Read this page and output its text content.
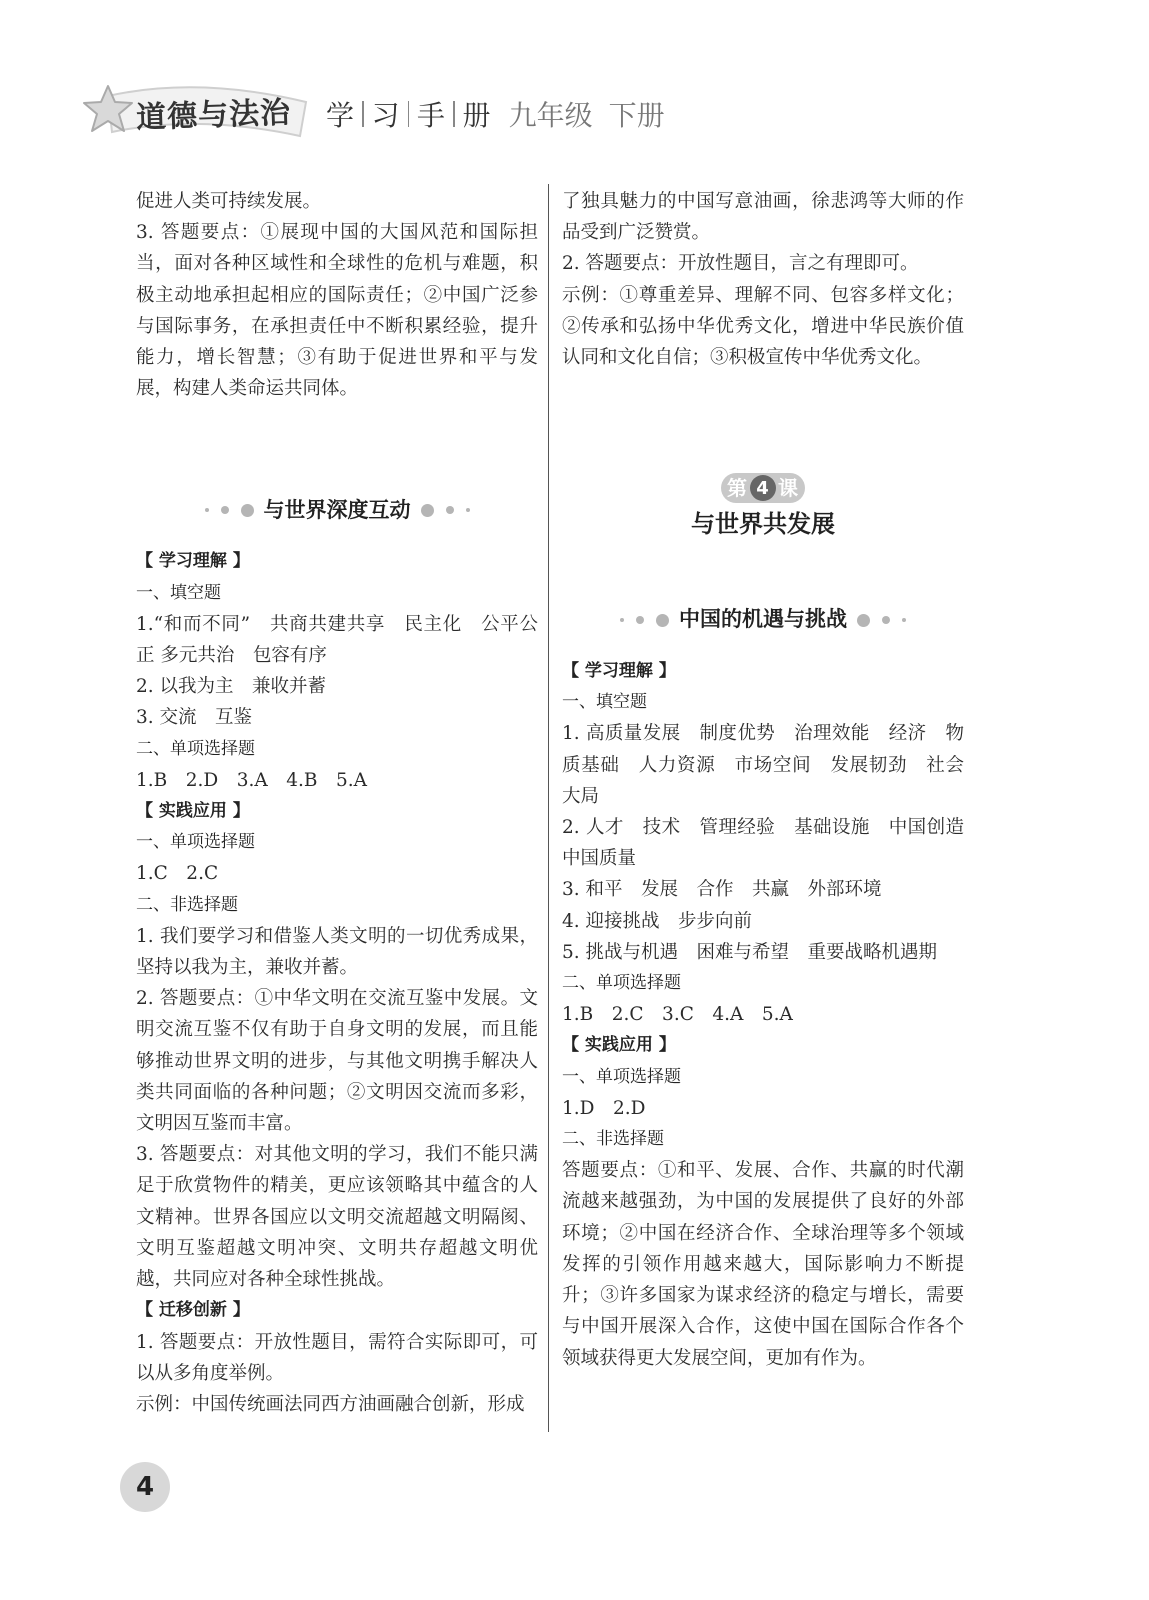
道德与法治 学 习 手 册 九年级 下册

促进人类可持续发展。

3. 答题要点：①展现中国的大国风范和国际担当，面对各种区域性和全球性的危机与难题，积极主动地承担起相应的国际责任；②中国广泛参与国际事务，在承担责任中不断积累经验，提升能力，增长智慧；③有助于促进世界和平与发展，构建人类命运共同体。

与世界深度互动

【 学习理解 】

一、填空题

1.“和而不同”　共商共建共享　民主化　公平公正 多元共治　包容有序

2. 以我为主　兼收并蓄

3. 交流　互鉴

二、单项选择题

1.B　2.D　3.A　4.B　5.A

【 实践应用 】

一、单项选择题

1.C　2.C

二、非选择题

1. 我们要学习和借鉴人类文明的一切优秀成果，坚持以我为主，兼收并蓄。

2. 答题要点：①中华文明在交流互鉴中发展。文明交流互鉴不仅有助于自身文明的发展，而且能够推动世界文明的进步，与其他文明携手解决人类共同面临的各种问题；②文明因交流而多彩，文明因互鉴而丰富。

3. 答题要点：对其他文明的学习，我们不能只满足于欣赏物件的精美，更应该领略其中蕴含的人文精神。世界各国应以文明交流超越文明隔阂、文明互鉴超越文明冲突、文明共存超越文明优越，共同应对各种全球性挑战。

【 迁移创新 】

1. 答题要点：开放性题目，需符合实际即可，可以从多角度举例。

示例：中国传统画法同西方油画融合创新，形成

了独具魅力的中国写意油画，徐悲鸿等大师的作品受到广泛赞赏。

2. 答题要点：开放性题目，言之有理即可。

示例：①尊重差异、理解不同、包容多样文化；②传承和弘扬中华优秀文化，增进中华民族价值认同和文化自信；③积极宣传中华优秀文化。

第 4 课
与世界共发展
中国的机遇与挑战

【 学习理解 】

一、填空题

1. 高质量发展　制度优势　治理效能　经济　物质基础　人力资源　市场空间　发展韧劲　社会大局

2. 人才　技术　管理经验　基础设施　中国创造　中国质量

3. 和平　发展　合作　共赢　外部环境

4. 迎接挑战　步步向前

5. 挑战与机遇　困难与希望　重要战略机遇期

二、单项选择题

1.B　2.C　3.C　4.A　5.A

【 实践应用 】

一、单项选择题

1.D　2.D

二、非选择题

答题要点：①和平、发展、合作、共赢的时代潮流越来越强劲，为中国的发展提供了良好的外部环境；②中国在经济合作、全球治理等多个领域发挥的引领作用越来越大，国际影响力不断提升；③许多国家为谋求经济的稳定与增长，需要与中国开展深入合作，这使中国在国际合作各个领域获得更大发展空间，更加有作为。

4
